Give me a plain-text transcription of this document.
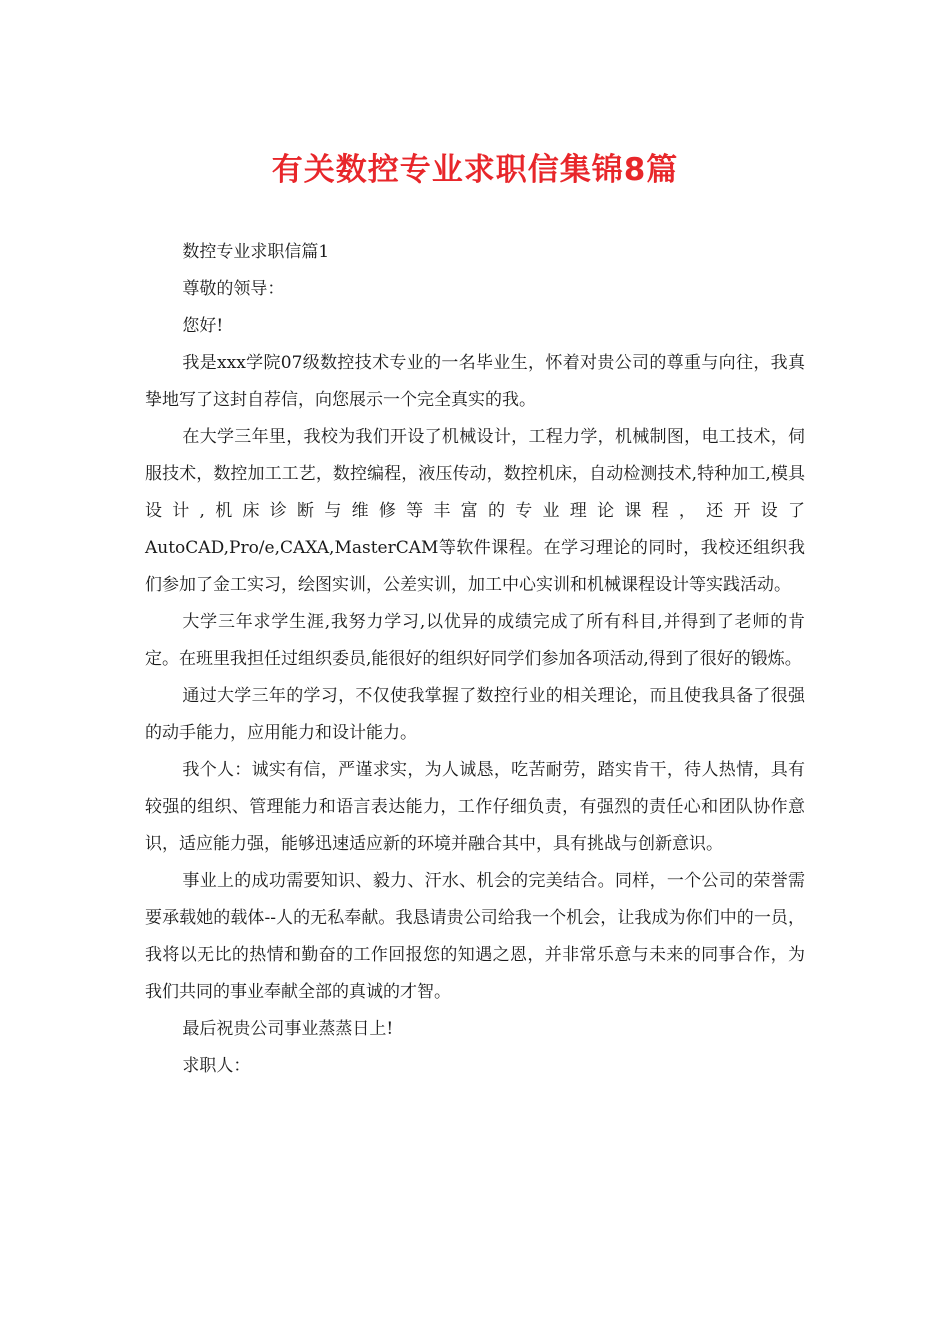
有关数控专业求职信集锦8篇

数控专业求职信篇1

尊敬的领导：

您好!

我是xxx学院07级数控技术专业的一名毕业生，怀着对贵公司的尊重与向往，我真挚地写了这封自荐信，向您展示一个完全真实的我。

在大学三年里，我校为我们开设了机械设计，工程力学，机械制图，电工技术，伺服技术，数控加工工艺，数控编程，液压传动，数控机床，自动检测技术,特种加工,模具设计,机床诊断与维修等丰富的专业理论课程，还开设了AutoCAD,Pro/e,CAXA,MasterCAM等软件课程。在学习理论的同时，我校还组织我们参加了金工实习，绘图实训，公差实训，加工中心实训和机械课程设计等实践活动。

大学三年求学生涯,我努力学习,以优异的成绩完成了所有科目,并得到了老师的肯定。在班里我担任过组织委员,能很好的组织好同学们参加各项活动,得到了很好的锻炼。

通过大学三年的学习，不仅使我掌握了数控行业的相关理论，而且使我具备了很强的动手能力，应用能力和设计能力。

我个人：诚实有信，严谨求实，为人诚恳，吃苦耐劳，踏实肯干，待人热情，具有较强的组织、管理能力和语言表达能力，工作仔细负责，有强烈的责任心和团队协作意识，适应能力强，能够迅速适应新的环境并融合其中，具有挑战与创新意识。

事业上的成功需要知识、毅力、汗水、机会的完美结合。同样，一个公司的荣誉需要承载她的载体--人的无私奉献。我恳请贵公司给我一个机会，让我成为你们中的一员，我将以无比的热情和勤奋的工作回报您的知遇之恩，并非常乐意与未来的同事合作，为我们共同的事业奉献全部的真诚的才智。

最后祝贵公司事业蒸蒸日上!

求职人：
